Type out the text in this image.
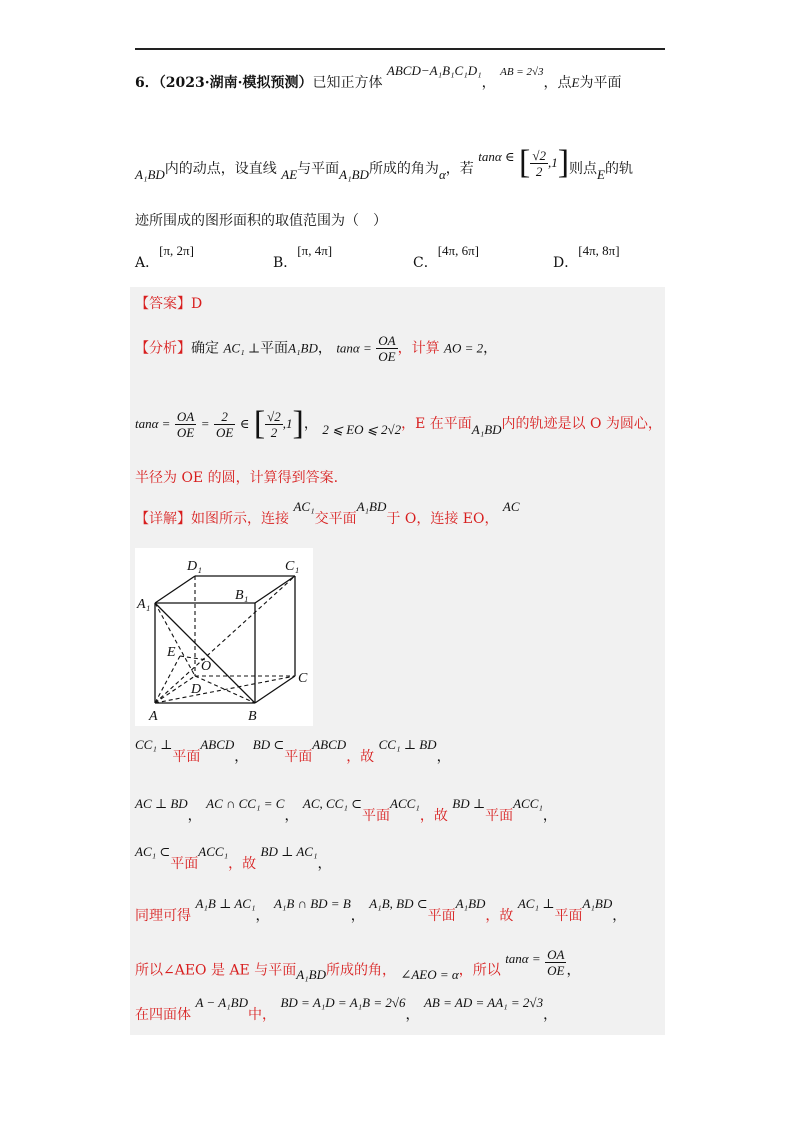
6．（2023·湖南·模拟预测）已知正方体 ABCD−A₁B₁C₁D₁， $^{AB = 2√3}$，点E为平面
A₁BD内的动点，设直线 AE与平面A₁BD所成的角为α，若 tanα ∈ [ $\frac{√2}{2} ,1$]则点E的轨
迹所围成的图形面积的取值范围为（　）
A．[π, 2π]
B．[π, 4π]
C．[4π, 6π]
D．[4π, 8π]
【答案】D
【分析】确定 AC₁ ⊥平面A₁BD， $\tan\alpha = \frac{OA}{OE}$ ，计算 AO = 2，
$\tan\alpha = \frac{OA}{OE} = \frac{2}{OE}$ ∈ [ $\frac{√2}{2} ,1$]， 2 ⩽ EO ⩽ 2√2，E 在平面A₁BD内的轨迹是以 O 为圆心，
半径为 OE 的圆，计算得到答案.
【详解】如图所示，连接 AC₁交平面A₁BD于 O，连接 EO， AC
D₁	C₁
A₁
B₁
E
O
D
C
A	B
CC₁ ⊥平面ABCD， BD ⊂平面ABCD，故 CC₁ ⊥ BD，
AC ⊥ BD， AC ∩ CC₁ = C， AC, CC₁ ⊂平面ACC₁，故 BD ⊥平面ACC₁，
AC₁ ⊂平面ACC₁，故 BD ⊥ AC₁，
同理可得 A₁B ⊥ AC₁， A₁B ∩ BD = B， A₁B, BD ⊂平面A₁BD，故 AC₁ ⊥平面A₁BD，
所以∠AEO 是 AE 与平面A₁BD所成的角， ∠AEO = α，所以 $\tan\alpha = \frac{OA}{OE}$ ，
在四面体 A − A₁BD中， BD = A₁D = A₁B = 2√6， AB = AD = AA₁ = 2√3，
